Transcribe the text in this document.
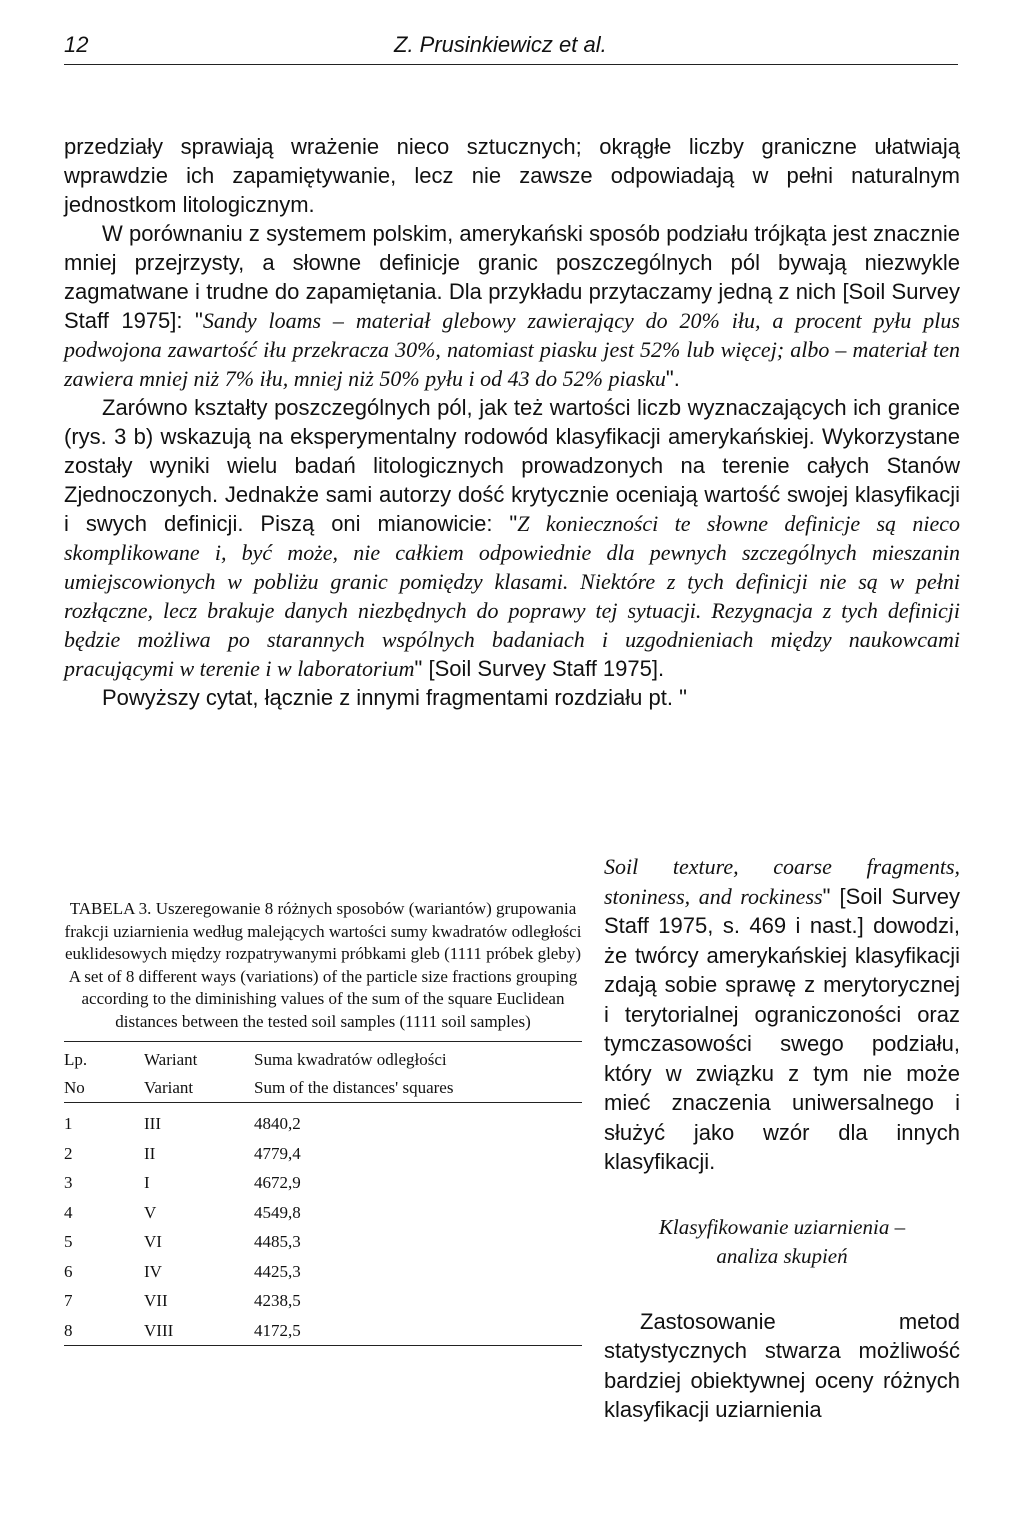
12	Z. Prusinkiewicz et al.

przedziały sprawiają wrażenie nieco sztucznych; okrągłe liczby graniczne ułatwiają wprawdzie ich zapamiętywanie, lecz nie zawsze odpowiadają w pełni naturalnym jednostkom litologicznym.

W porównaniu z systemem polskim, amerykański sposób podziału trójkąta jest znacznie mniej przejrzysty, a słowne definicje granic poszczególnych pól bywają niezwykle zagmatwane i trudne do zapamiętania. Dla przykładu przytaczamy jedną z nich [Soil Survey Staff 1975]: "Sandy loams – materiał glebowy zawierający do 20% iłu, a procent pyłu plus podwojona zawartość iłu przekracza 30%, natomiast piasku jest 52% lub więcej; albo – materiał ten zawiera mniej niż 7% iłu, mniej niż 50% pyłu i od 43 do 52% piasku".

Zarówno kształty poszczególnych pól, jak też wartości liczb wyznaczających ich granice (rys. 3 b) wskazują na eksperymentalny rodowód klasyfikacji amerykańskiej. Wykorzystane zostały wyniki wielu badań litologicznych prowadzonych na terenie całych Stanów Zjednoczonych. Jednakże sami autorzy dość krytycznie oceniają wartość swojej klasyfikacji i swych definicji. Piszą oni mianowicie: "Z konieczności te słowne definicje są nieco skomplikowane i, być może, nie całkiem odpowiednie dla pewnych szczególnych mieszanin umiejscowionych w pobliżu granic pomiędzy klasami. Niektóre z tych definicji nie są w pełni rozłączne, lecz brakuje danych niezbędnych do poprawy tej sytuacji. Rezygnacja z tych definicji będzie możliwa po starannych wspólnych badaniach i uzgodnieniach między naukowcami pracującymi w terenie i w laboratorium" [Soil Survey Staff 1975].

Powyższy cytat, łącznie z innymi fragmentami rozdziału pt. "

TABELA 3. Uszeregowanie 8 różnych sposobów (wariantów) grupowania frakcji uziarnienia według malejących wartości sumy kwadratów odległości euklidesowych między rozpatrywanymi próbkami gleb (1111 próbek gleby)
A set of 8 different ways (variations) of the particle size fractions grouping according to the diminishing values of the sum of the square Euclidean distances between the tested soil samples (1111 soil samples)
Lp.	Wariant	Suma kwadratów odległości
No	Variant	Sum of the distances' squares
1	III	4840,2
2	II	4779,4
3	I	4672,9
4	V	4549,8
5	VI	4485,3
6	IV	4425,3
7	VII	4238,5
8	VIII	4172,5

Soil texture, coarse fragments, stoniness, and rockiness" [Soil Survey Staff 1975, s. 469 i nast.] dowodzi, że twórcy amerykańskiej klasyfikacji zdają sobie sprawę z merytorycznej i terytorialnej ograniczoności oraz tymczasowości swego podziału, który w związku z tym nie może mieć znaczenia uniwersalnego i służyć jako wzór dla innych klasyfikacji.

Klasyfikowanie uziarnienia –
analiza skupień

Zastosowanie metod statystycznych stwarza możliwość bardziej obiektywnej oceny różnych klasyfikacji uziarnienia
